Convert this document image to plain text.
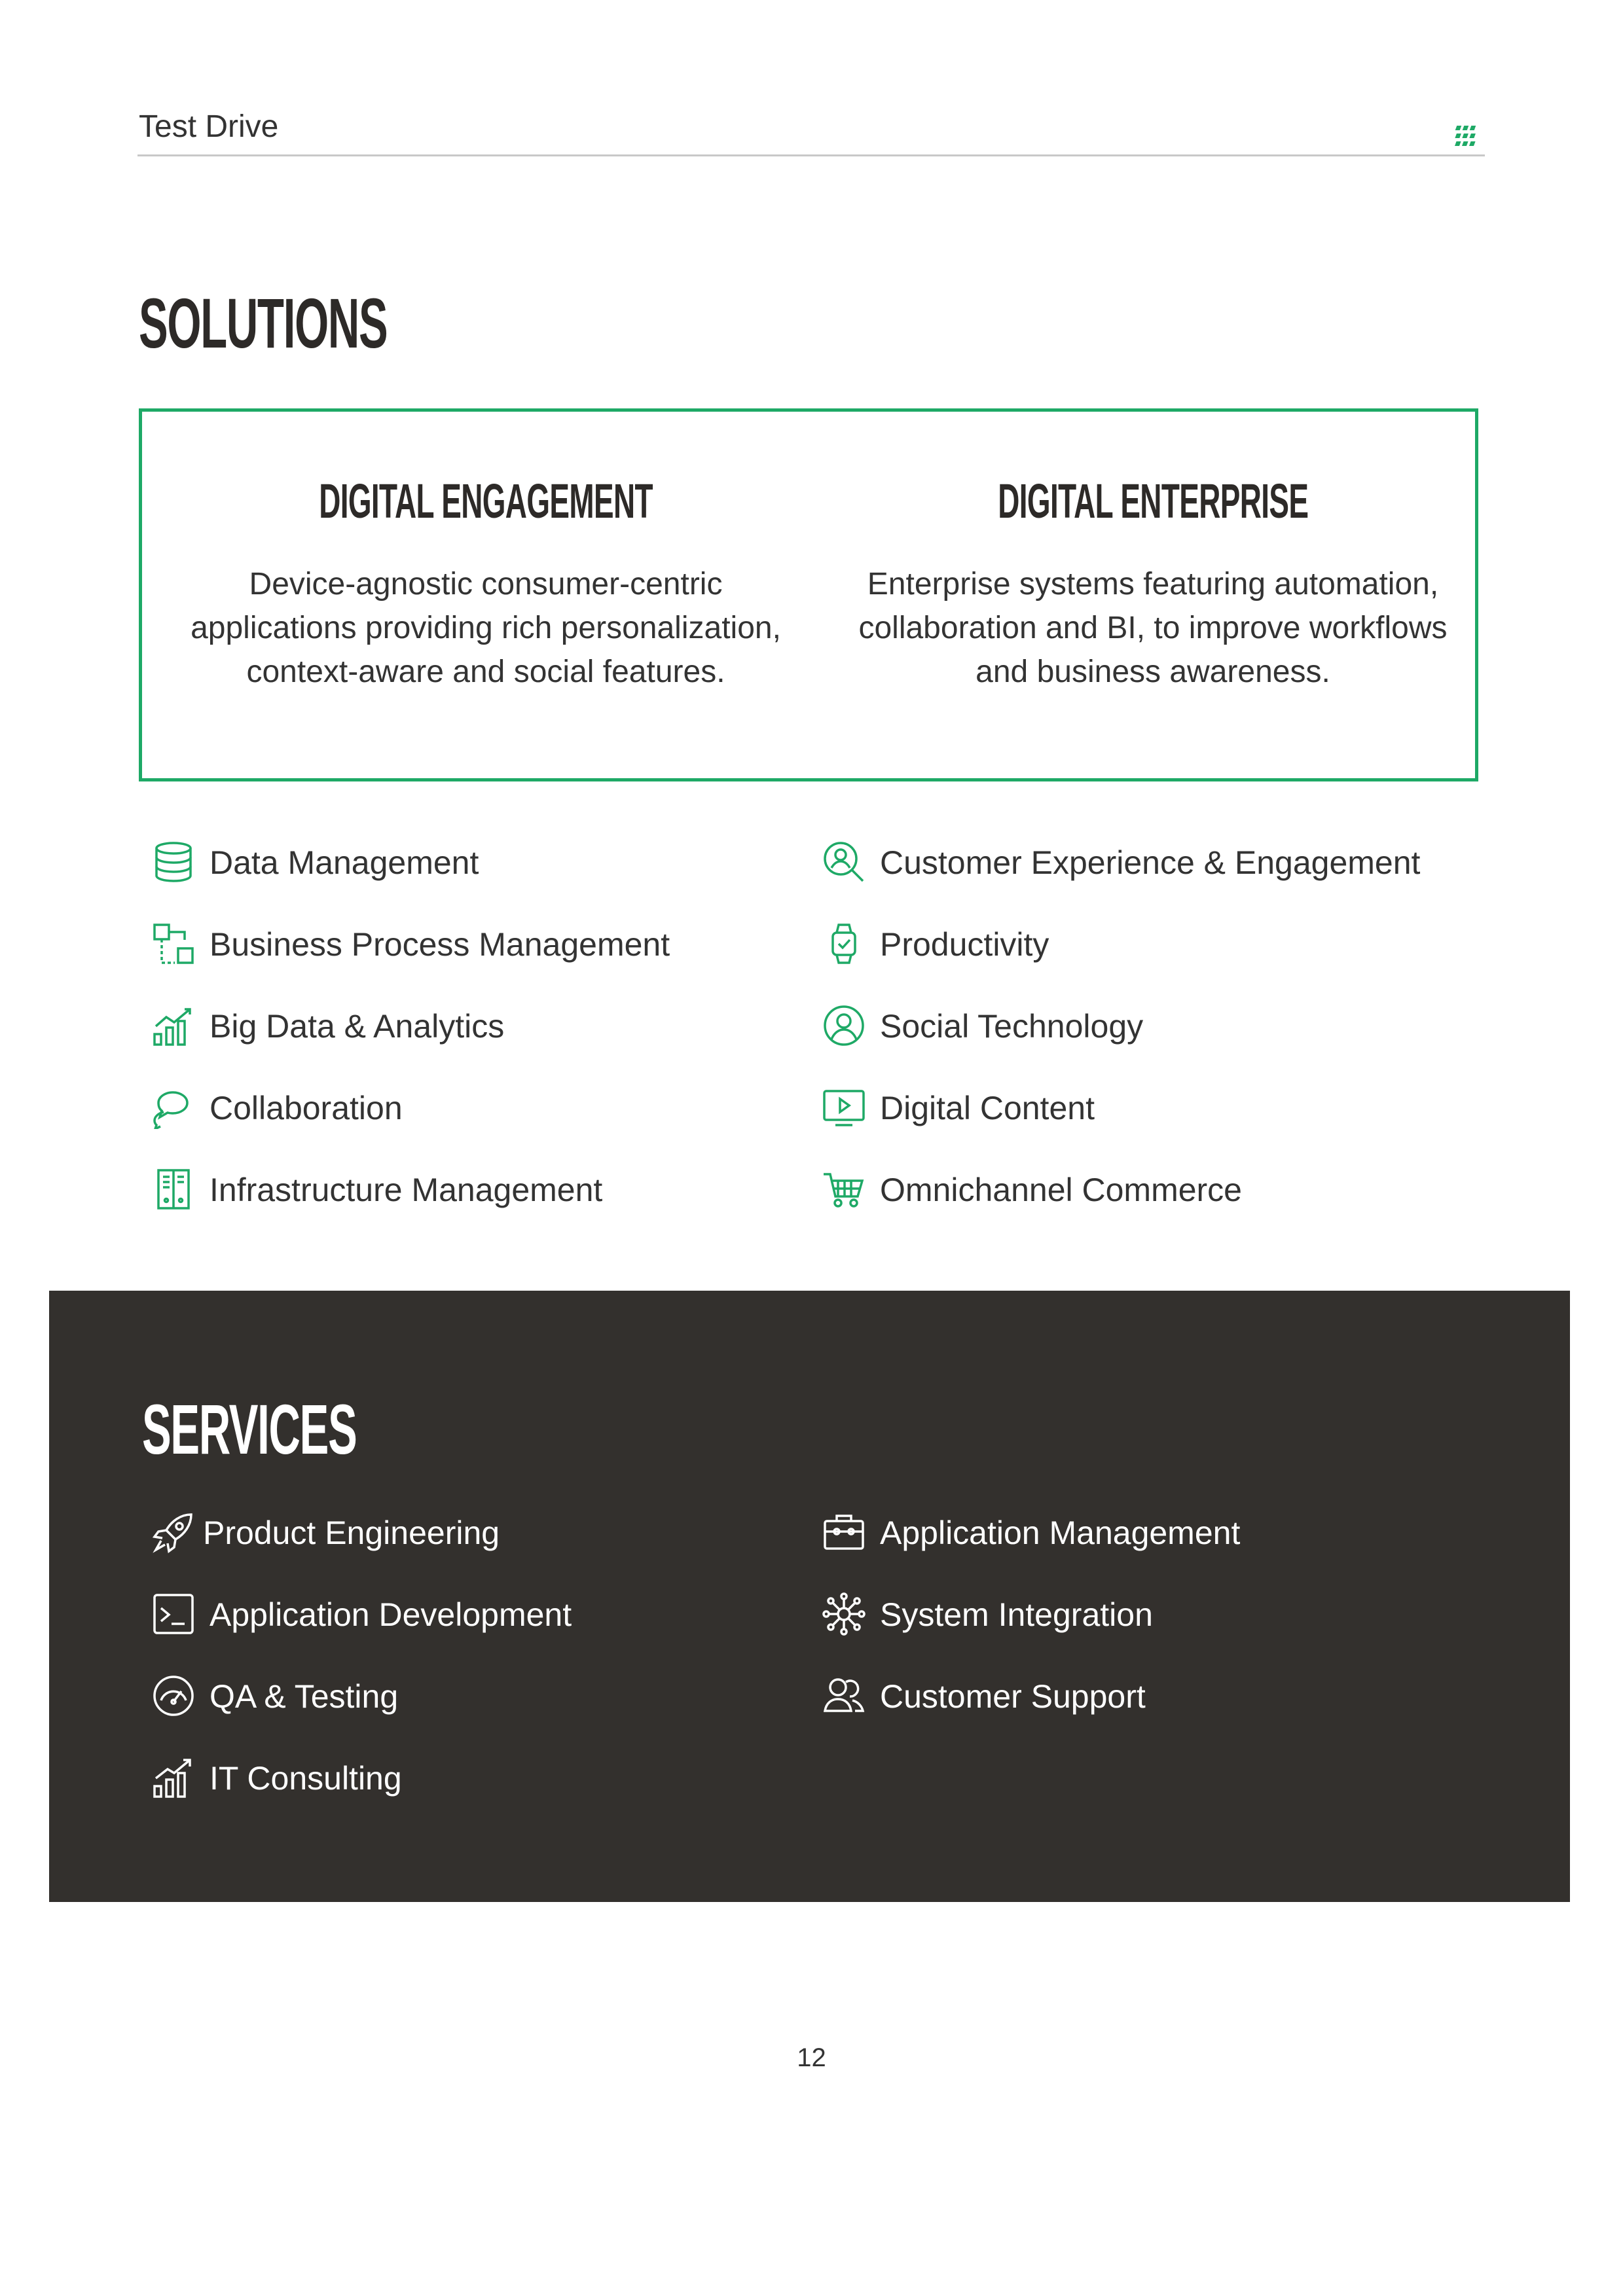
Test Drive
SOLUTIONS
DIGITAL ENGAGEMENT
Device-agnostic consumer-centric applications providing rich personalization, context-aware and social features.
DIGITAL ENTERPRISE
Enterprise systems featuring automation, collaboration and BI, to improve workflows and business awareness.
Data Management
Business Process Management
Big Data & Analytics
Collaboration
Infrastructure Management
Customer Experience & Engagement
Productivity
Social Technology
Digital Content
Omnichannel Commerce
SERVICES
Product Engineering
Application Development
QA & Testing
IT Consulting
Application Management
System Integration
Customer Support
12
